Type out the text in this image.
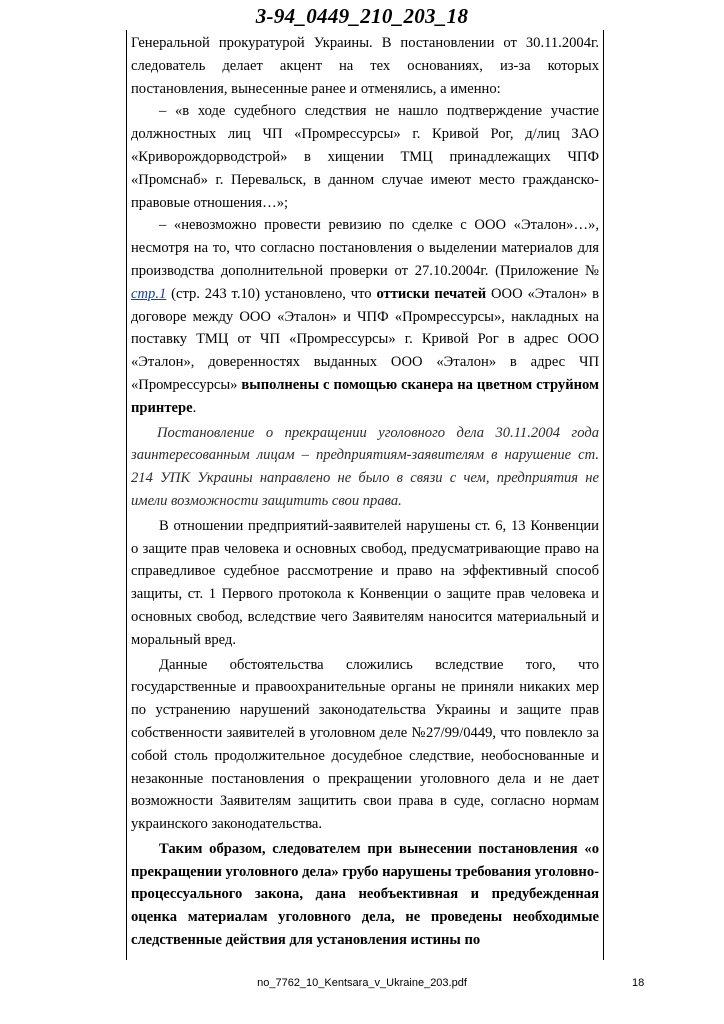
3-94_0449_210_203_18

Генеральной прокуратурой Украины. В постановлении от 30.11.2004г. следователь делает акцент на тех основаниях, из-за которых постановления, вынесенные ранее и отменялись, а именно:

– «в ходе судебного следствия не нашло подтверждение участие должностных лиц ЧП «Промрессурсы» г. Кривой Рог, д/лиц ЗАО «Криворождорводстрой» в хищении ТМЦ принадлежащих ЧПФ «Промснаб» г. Перевальск, в данном случае имеют место гражданско-правовые отношения…»;

– «невозможно провести ревизию по сделке с ООО «Эталон»…», несмотря на то, что согласно постановления о выделении материалов для производства дополнительной проверки от 27.10.2004г. (Приложение № стр.1 (стр. 243 т.10) установлено, что оттиски печатей ООО «Эталон» в договоре между ООО «Эталон» и ЧПФ «Промрессурсы», накладных на поставку ТМЦ от ЧП «Промрессурсы» г. Кривой Рог в адрес ООО «Эталон», доверенностях выданных ООО «Эталон» в адрес ЧП «Промрессурсы» выполнены с помощью сканера на цветном струйном принтере.

Постановление о прекращении уголовного дела 30.11.2004 года заинтересованным лицам – предприятиям-заявителям в нарушение ст. 214 УПК Украины направлено не было в связи с чем, предприятия не имели возможности защитить свои права.

В отношении предприятий-заявителей нарушены ст. 6, 13 Конвенции о защите прав человека и основных свобод, предусматривающие право на справедливое судебное рассмотрение и право на эффективный способ защиты, ст. 1 Первого протокола к Конвенции о защите прав человека и основных свобод, вследствие чего Заявителям наносится материальный и моральный вред.

Данные обстоятельства сложились вследствие того, что государственные и правоохранительные органы не приняли никаких мер по устранению нарушений законодательства Украины и защите прав собственности заявителей в уголовном деле №27/99/0449, что повлекло за собой столь продолжительное досудебное следствие, необоснованные и незаконные постановления о прекращении уголовного дела и не дает возможности Заявителям защитить свои права в суде, согласно нормам украинского законодательства.

Таким образом, следователем при вынесении постановления «о прекращении уголовного дела» грубо нарушены требования уголовно-процессуального закона, дана необъективная и предубежденная оценка материалам уголовного дела, не проведены необходимые следственные действия для установления истины по

no_7762_10_Kentsara_v_Ukraine_203.pdf	18
